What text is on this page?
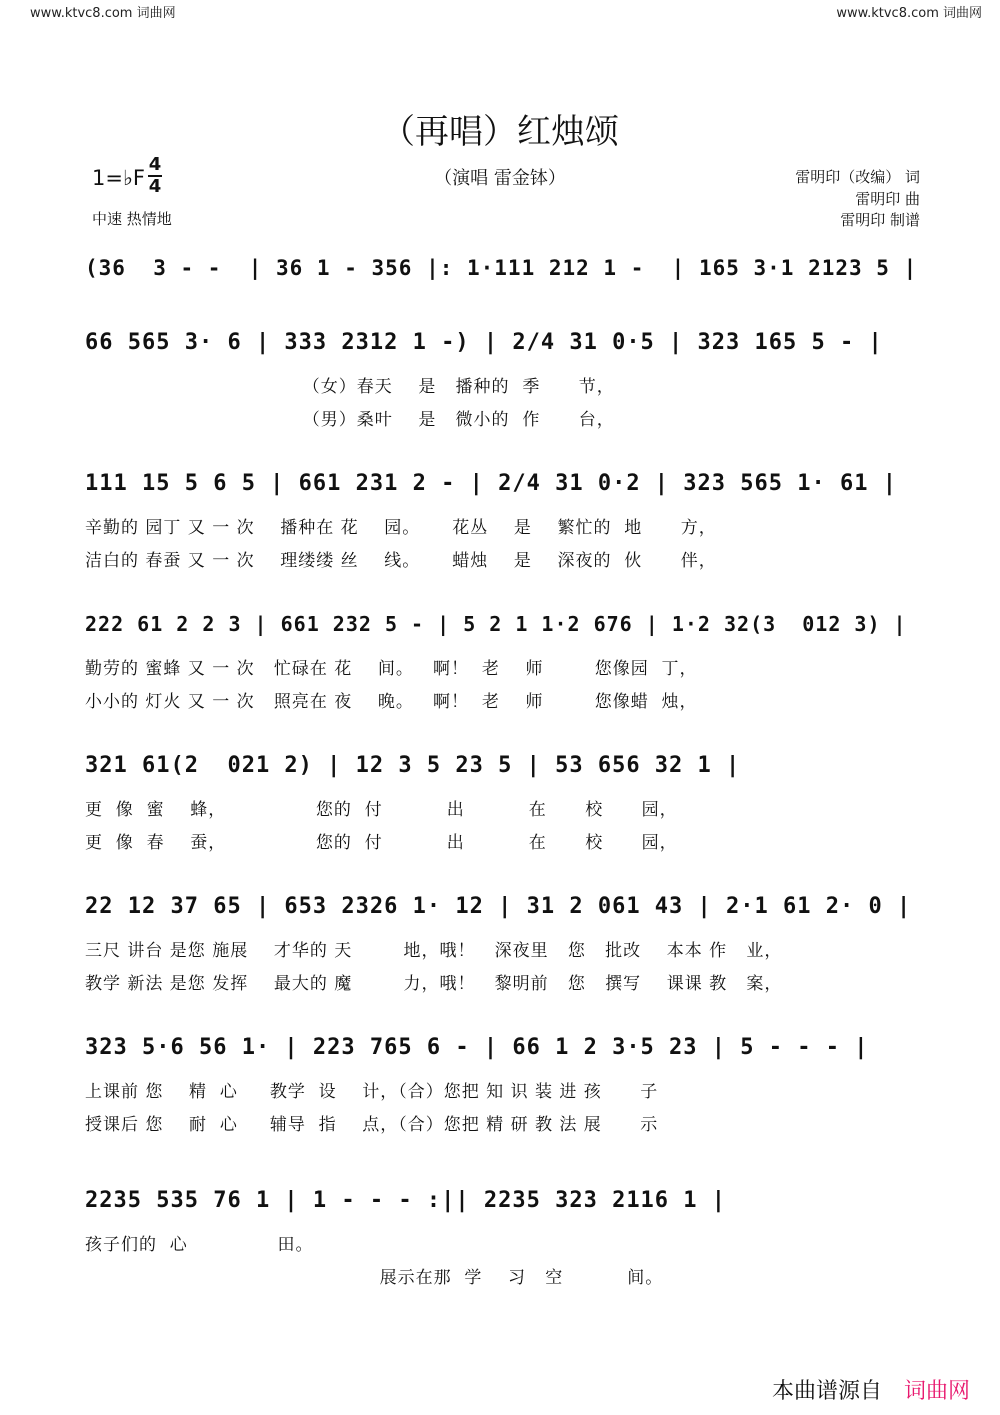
www.ktvc8.com 词曲网	www.ktvc8.com 词曲网
（再唱）红烛颂
（演唱 雷金钵）
1=♭F
4
4
中速 热情地
雷明印（改编） 词
雷明印 曲
雷明印 制谱
(36  3 - -  | 36 1 - 356 |: 1·111 212 1 -  | 165 3·1 2123 5 |
66 565 3· 6 | 333 2312 1 -) | 2/4 31 0·5 | 323 165 5 - |
（女）春天    是   播种的  季      节，
（男）桑叶    是   微小的  作      台，
111 15 5 6 5 | 661 231 2 - | 2/4 31 0·2 | 323 565 1· 61 |
辛勤的 园丁 又 一 次    播种在 花    园。     花丛    是    繁忙的  地      方，
洁白的 春蚕 又 一 次    理缕缕 丝    线。     蜡烛    是    深夜的  伙      伴，
222 61 2 2 3 | 661 232 5 - | 5 2 1 1·2 676 | 1·2 32(3  012 3) |
勤劳的 蜜蜂 又 一 次   忙碌在 花    间。   啊！  老    师        您像园  丁，
小小的 灯火 又 一 次   照亮在 夜    晚。   啊！  老    师        您像蜡  烛，
321 61(2  021 2) | 12 3 5 23 5 | 53 656 32 1 |
更  像  蜜    蜂，              您的  付          出          在      校      园，
更  像  春    蚕，              您的  付          出          在      校      园，
22 12 37 65 | 653 2326 1· 12 | 31 2 061 43 | 2·1 61 2· 0 |
三尺 讲台 是您 施展    才华的 天        地，哦！   深夜里   您   批改    本本 作   业，
教学 新法 是您 发挥    最大的 魔        力，哦！   黎明前   您   撰写    课课 教   案，
323 5·6 56 1· | 223 765 6 - | 66 1 2 3·5 23 | 5 - - - |
上课前 您    精  心     教学  设    计，（合）您把 知 识 装 进 孩      子
授课后 您    耐  心     辅导  指    点，（合）您把 精 研 教 法 展      示
2235 535 76 1 | 1 - - - :|| 2235 323 2116 1 |
孩子们的  心              田。
展示在那  学    习   空          间。
本曲谱源自 词曲网
